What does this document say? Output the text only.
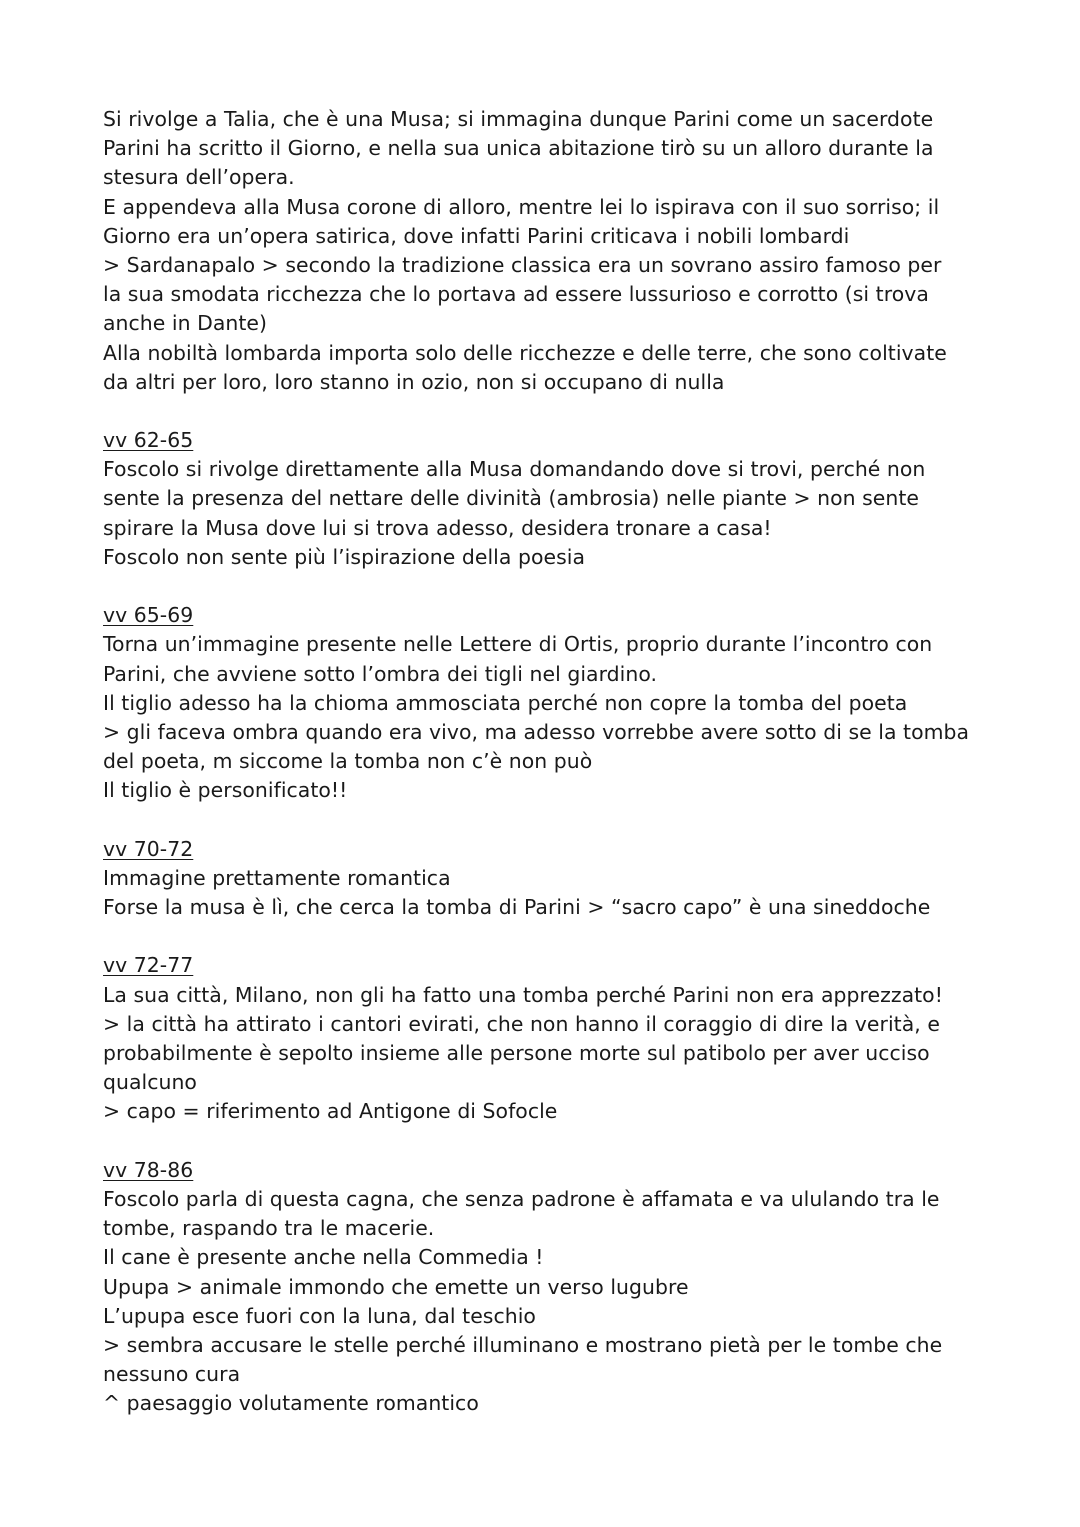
Si rivolge a Talia, che è una Musa; si immagina dunque Parini come un sacerdote
Parini ha scritto il Giorno, e nella sua unica abitazione tirò su un alloro durante la
stesura dell’opera.
E appendeva alla Musa corone di alloro, mentre lei lo ispirava con il suo sorriso; il
Giorno era un’opera satirica, dove infatti Parini criticava i nobili lombardi
> Sardanapalo > secondo la tradizione classica era un sovrano assiro famoso per
la sua smodata ricchezza che lo portava ad essere lussurioso e corrotto (si trova
anche in Dante)
Alla nobiltà lombarda importa solo delle ricchezze e delle terre, che sono coltivate
da altri per loro, loro stanno in ozio, non si occupano di nulla
vv 62-65
Foscolo si rivolge direttamente alla Musa domandando dove si trovi, perché non
sente la presenza del nettare delle divinità (ambrosia) nelle piante > non sente
spirare la Musa dove lui si trova adesso, desidera tronare a casa!
Foscolo non sente più l’ispirazione della poesia
vv 65-69
Torna un’immagine presente nelle Lettere di Ortis, proprio durante l’incontro con
Parini, che avviene sotto l’ombra dei tigli nel giardino.
Il tiglio adesso ha la chioma ammosciata perché non copre la tomba del poeta
> gli faceva ombra quando era vivo, ma adesso vorrebbe avere sotto di se la tomba
del poeta, m siccome la tomba non c’è non può
Il tiglio è personificato!!
vv 70-72
Immagine prettamente romantica
Forse la musa è lì, che cerca la tomba di Parini > “sacro capo” è una sineddoche
vv 72-77
La sua città, Milano, non gli ha fatto una tomba perché Parini non era apprezzato!
> la città ha attirato i cantori evirati, che non hanno il coraggio di dire la verità, e
probabilmente è sepolto insieme alle persone morte sul patibolo per aver ucciso
qualcuno
> capo = riferimento ad Antigone di Sofocle
vv 78-86
Foscolo parla di questa cagna, che senza padrone è affamata e va ululando tra le
tombe, raspando tra le macerie.
Il cane è presente anche nella Commedia !
Upupa > animale immondo che emette un verso lugubre
L’upupa esce fuori con la luna, dal teschio
> sembra accusare le stelle perché illuminano e mostrano pietà per le tombe che
nessuno cura
^ paesaggio volutamente romantico
